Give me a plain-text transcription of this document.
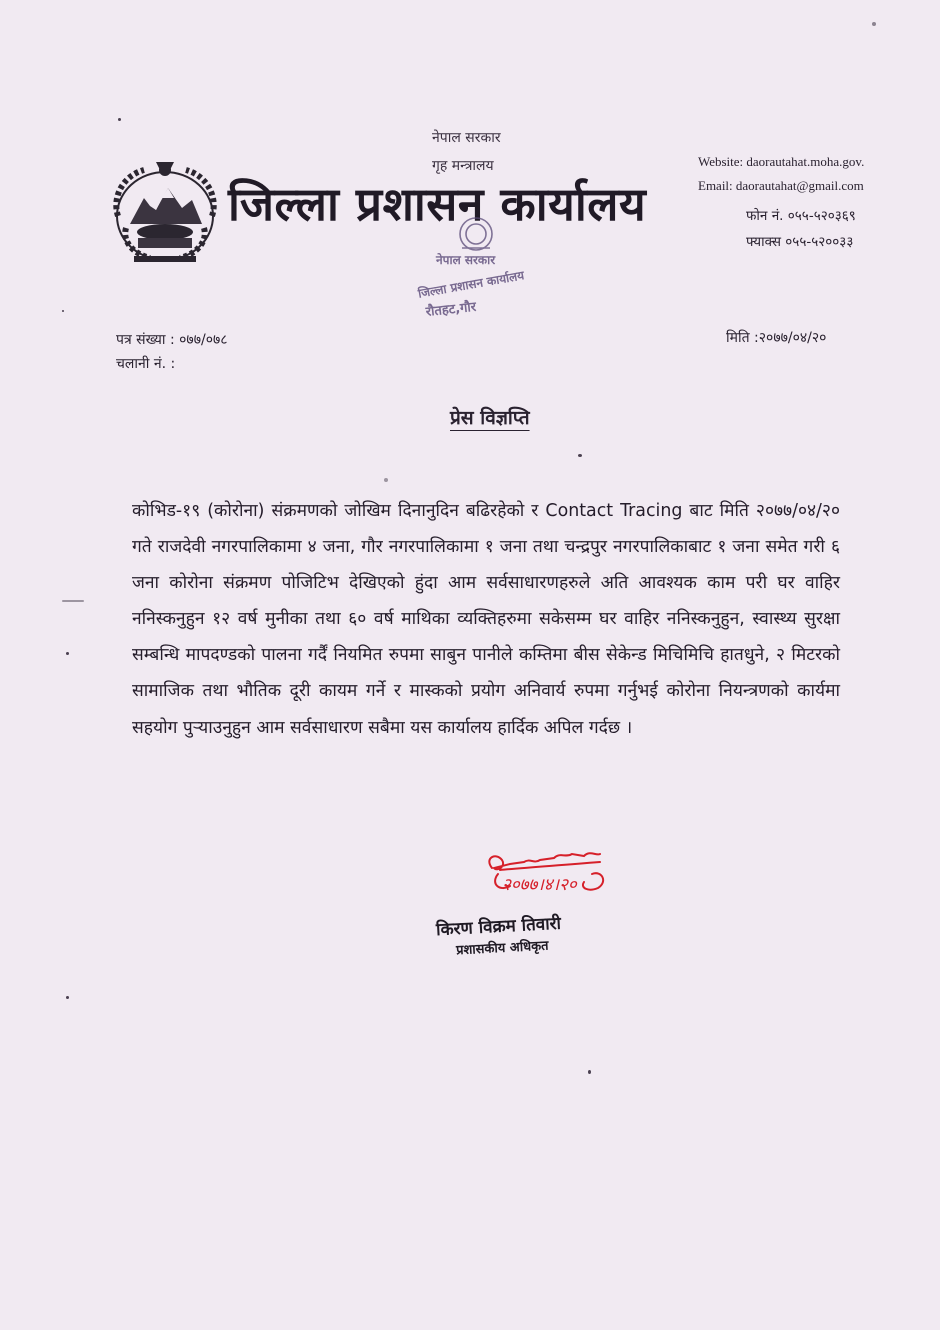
नेपाल सरकार
गृह मन्त्रालय
जिल्ला प्रशासन कार्यालय
Website: daorautahat.moha.gov.
Email: daorautahat@gmail.com
फोन नं. ०५५-५२०३६९
फ्याक्स ०५५-५२००३३
नेपाल सरकार
जिल्ला प्रशासन कार्यालय
रौतहट,गौर
पत्र संख्या : ०७७/०७८
चलानी नं. :
मिति :२०७७/०४/२०
प्रेस विज्ञप्ति
कोभिड-१९ (कोरोना) संक्रमणको जोखिम दिनानुदिन बढिरहेको र Contact Tracing बाट मिति २०७७/०४/२० गते राजदेवी नगरपालिकामा ४ जना, गौर नगरपालिकामा १ जना तथा चन्द्रपुर नगरपालिकाबाट १ जना समेत गरी ६ जना कोरोना संक्रमण पोजिटिभ देखिएको हुंदा आम सर्वसाधारणहरुले अति आवश्यक काम परी घर वाहिर ननिस्कनुहुन १२ वर्ष मुनीका तथा ६० वर्ष माथिका व्यक्तिहरुमा सकेसम्म घर वाहिर ननिस्कनुहुन, स्वास्थ्य सुरक्षा सम्बन्धि मापदण्डको पालना गर्दैं नियमित रुपमा साबुन पानीले कम्तिमा बीस सेकेन्ड मिचिमिचि हातधुने, २ मिटरको सामाजिक तथा भौतिक दूरी कायम गर्ने र मास्कको प्रयोग अनिवार्य रुपमा गर्नुभई कोरोना नियन्त्रणको कार्यमा सहयोग पुर्‍याउनुहुन आम सर्वसाधारण सबैमा यस कार्यालय हार्दिक अपिल गर्दछ ।
२०७७।४।२०
किरण विक्रम तिवारी
प्रशासकीय अधिकृत
